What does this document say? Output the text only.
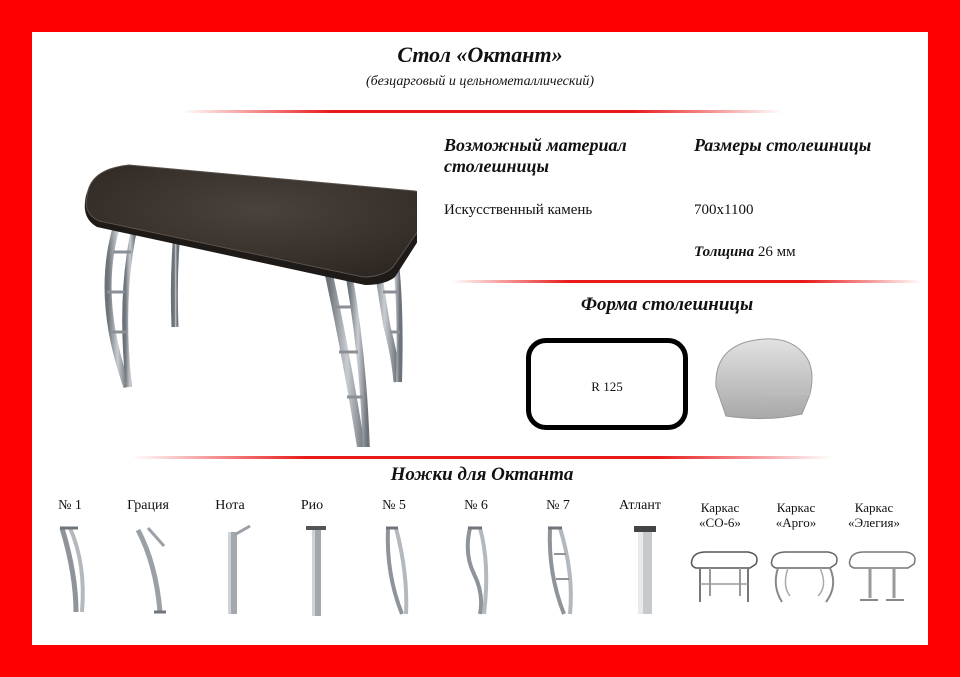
Стол «Октант»
(безцарговый и цельнометаллический)
Возможный материал столешницы
Размеры столешницы
Искусственный камень	700x1100
Толщина 26 мм
Форма столешницы
R 125
Ножки для Октанта
№ 1	Грация	Нота	Рио	№ 5	№ 6	№ 7	Атлант	Каркас
«СО-6»
Каркас
«Арго»
Каркас
«Элегия»
